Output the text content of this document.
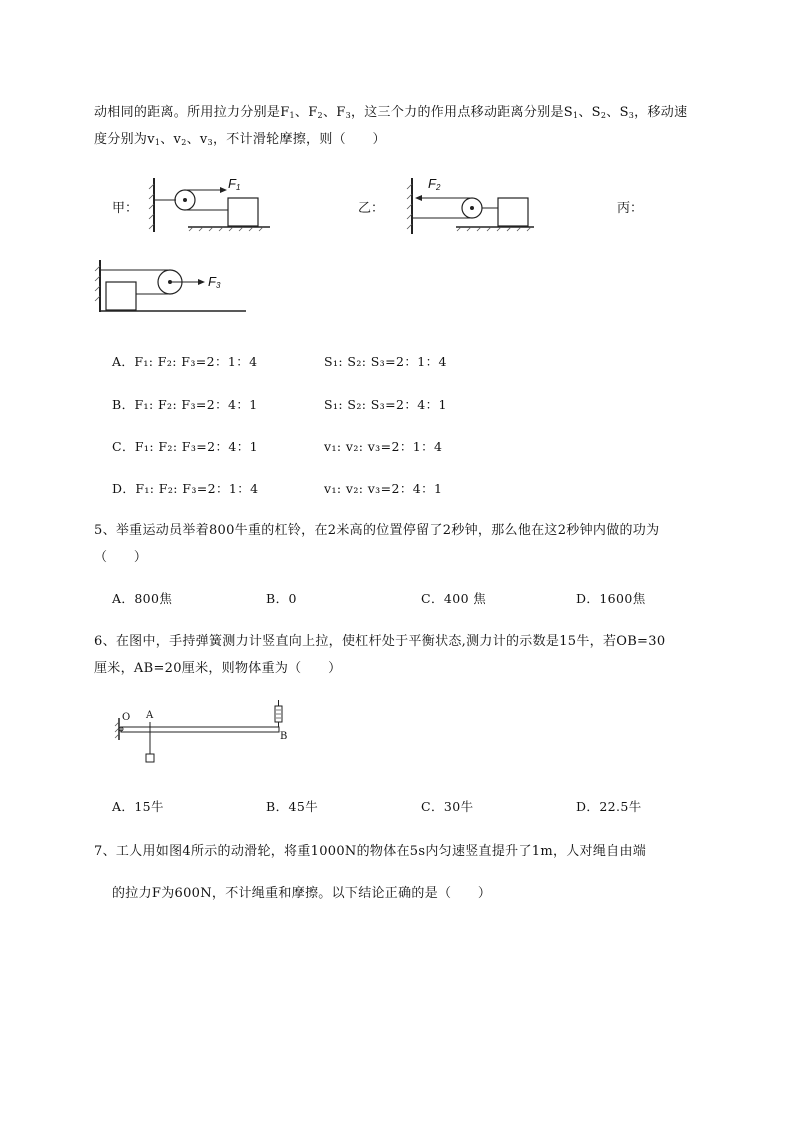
动相同的距离。所用拉力分别是$F_1$、$F_2$、$F_3$，这三个力的作用点移动距离分别是$S_1$、$S_2$、$S_3$，移动速
度分别为$v_1$、$v_2$、$v_3$，不计滑轮摩擦，则（　　）
甲：	乙：	丙：
$F_1$	$F_2$
$F_3$
A．F₁: F₂: F₃=2：1：4	S₁: S₂: S₃=2：1：4
B．F₁: F₂: F₃=2：4：1	S₁: S₂: S₃=2：4：1
C．F₁: F₂: F₃=2：4：1	v₁: v₂: v₃=2：1：4
D．F₁: F₂: F₃=2：1：4	v₁: v₂: v₃=2：4：1
5、举重运动员举着800牛重的杠铃，在2米高的位置停留了2秒钟，那么他在这2秒钟内做的功为
（　　）
A．800焦	B．0	C．400 焦	D．1600焦
6、在图中，手持弹簧测力计竖直向上拉，使杠杆处于平衡状态,测力计的示数是15牛，若OB=30
厘米，AB=20厘米，则物体重为（　　）
O A
B
A．15牛	B．45牛	C．30牛	D．22.5牛
7、工人用如图4所示的动滑轮，将重1000N的物体在5s内匀速竖直提升了1m，人对绳自由端
的拉力F为600N，不计绳重和摩擦。以下结论正确的是（　　）
